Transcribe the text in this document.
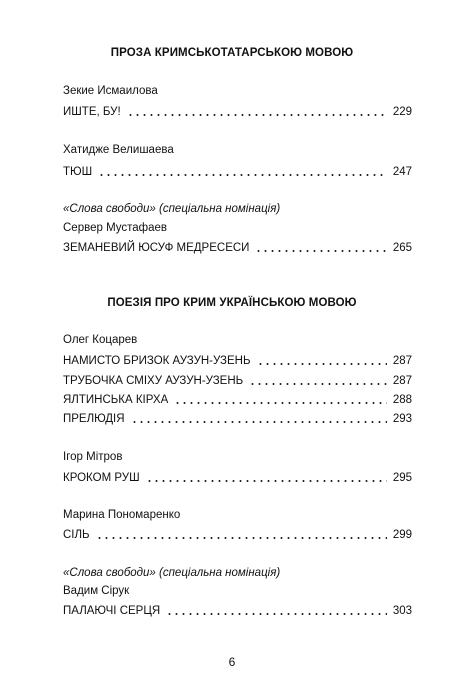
ПРОЗА КРИМСЬКОТАТАРСЬКОЮ МОВОЮ
Зекие Исмаилова
ИШТЕ, БУ!	229
Хатидже Велишаева
ТЮШ	247
«Слова свободи» (спеціальна номінація)
Сервер Мустафаев
ЗЕМАНЕВИЙ ЮСУФ МЕДРЕСЕСИ	265
ПОЕЗІЯ ПРО КРИМ УКРАЇНСЬКОЮ МОВОЮ
Олег Коцарев
НАМИСТО БРИЗОК АУЗУН-УЗЕНЬ	287
ТРУБОЧКА СМІХУ АУЗУН-УЗЕНЬ	287
ЯЛТИНСЬКА КІРХА	288
ПРЕЛЮДІЯ	293
Ігор Мітров
КРОКОМ РУШ	295
Марина Пономаренко
СІЛЬ	299
«Слова свободи» (спеціальна номінація)
Вадим Сірук
ПАЛАЮЧІ СЕРЦЯ	303
6
